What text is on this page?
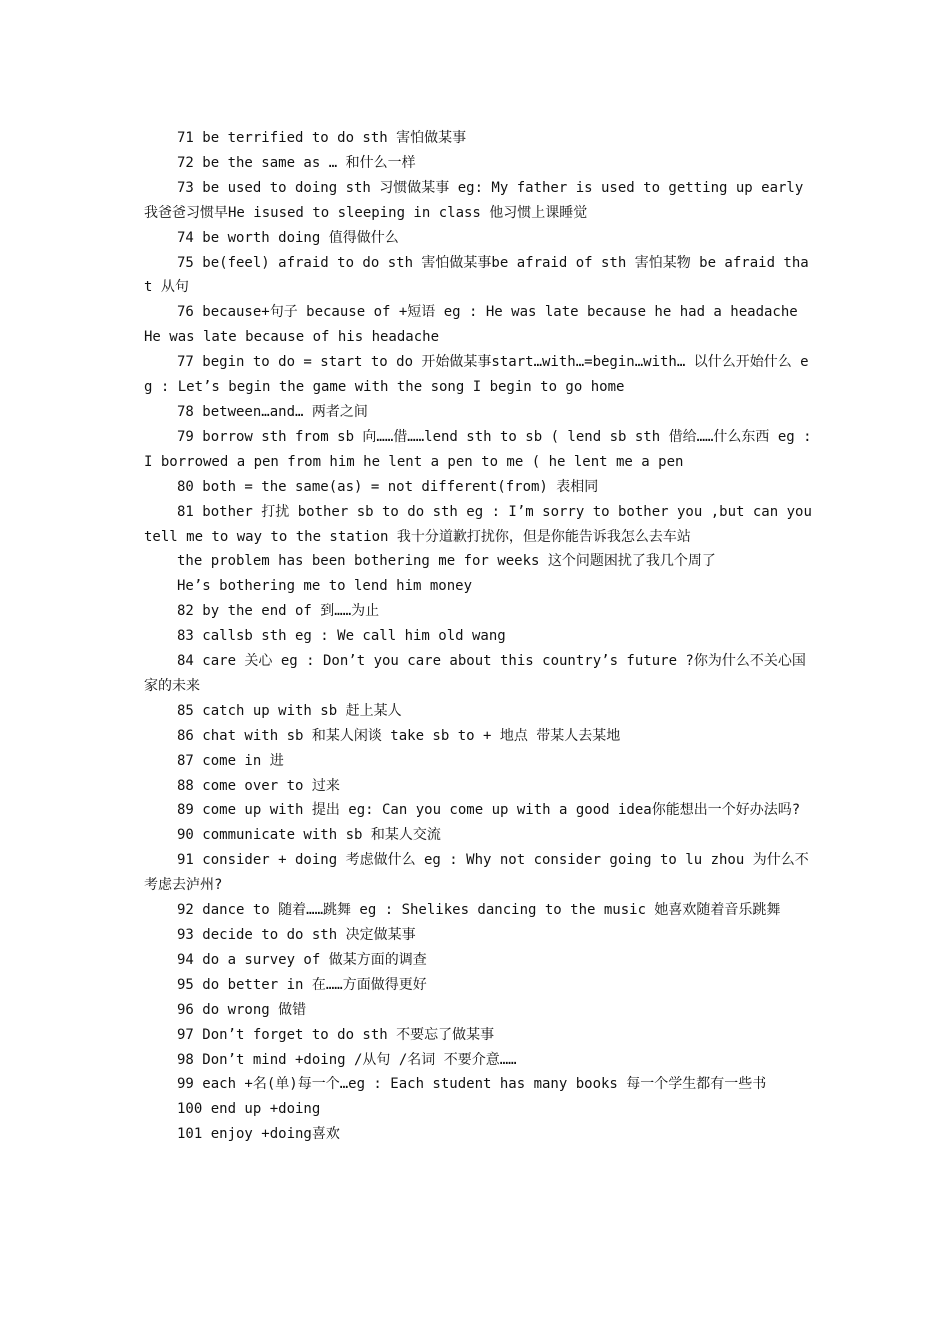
71 be terrified to do sth 害怕做某事

72 be the same as … 和什么一样

73 be used to doing sth 习惯做某事 eg: My father is used to getting up early 我爸爸习惯早He isused to sleeping in class 他习惯上课睡觉

74 be worth doing 值得做什么

75 be(feel) afraid to do sth 害怕做某事be afraid of sth 害怕某物 be afraid that 从句

76 because+句子 because of +短语 eg : He was late because he had a headache He was late because of his headache

77 begin to do = start to do 开始做某事start…with…=begin…with… 以什么开始什么 eg : Let’s begin the game with the song I begin to go home

78 between…and… 两者之间

79 borrow sth from sb 向……借……lend sth to sb ( lend sb sth 借给……什么东西 eg : I borrowed a pen from him he lent a pen to me ( he lent me a pen

80 both = the same(as) = not different(from) 表相同

81 bother 打扰 bother sb to do sth eg : I’m sorry to bother you ,but can you tell me to way to the station 我十分道歉打扰你，但是你能告诉我怎么去车站

the problem has been bothering me for weeks 这个问题困扰了我几个周了

He’s bothering me to lend him money

82 by the end of 到……为止

83 callsb sth eg : We call him old wang

84 care 关心 eg : Don’t you care about this country’s future ?你为什么不关心国家的未来

85 catch up with sb 赶上某人

86 chat with sb 和某人闲谈 take sb to + 地点 带某人去某地

87 come in 进

88 come over to 过来

89 come up with 提出 eg: Can you come up with a good idea你能想出一个好办法吗?

90 communicate with sb 和某人交流

91 consider + doing 考虑做什么 eg : Why not consider going to lu zhou 为什么不考虑去泸州?

92 dance to 随着……跳舞 eg : Shelikes dancing to the music 她喜欢随着音乐跳舞

93 decide to do sth 决定做某事

94 do a survey of 做某方面的调查

95 do better in 在……方面做得更好

96 do wrong 做错

97 Don’t forget to do sth 不要忘了做某事

98 Don’t mind +doing /从句 /名词 不要介意……

99 each +名(单)每一个…eg : Each student has many books 每一个学生都有一些书

100 end up +doing

101 enjoy +doing喜欢
